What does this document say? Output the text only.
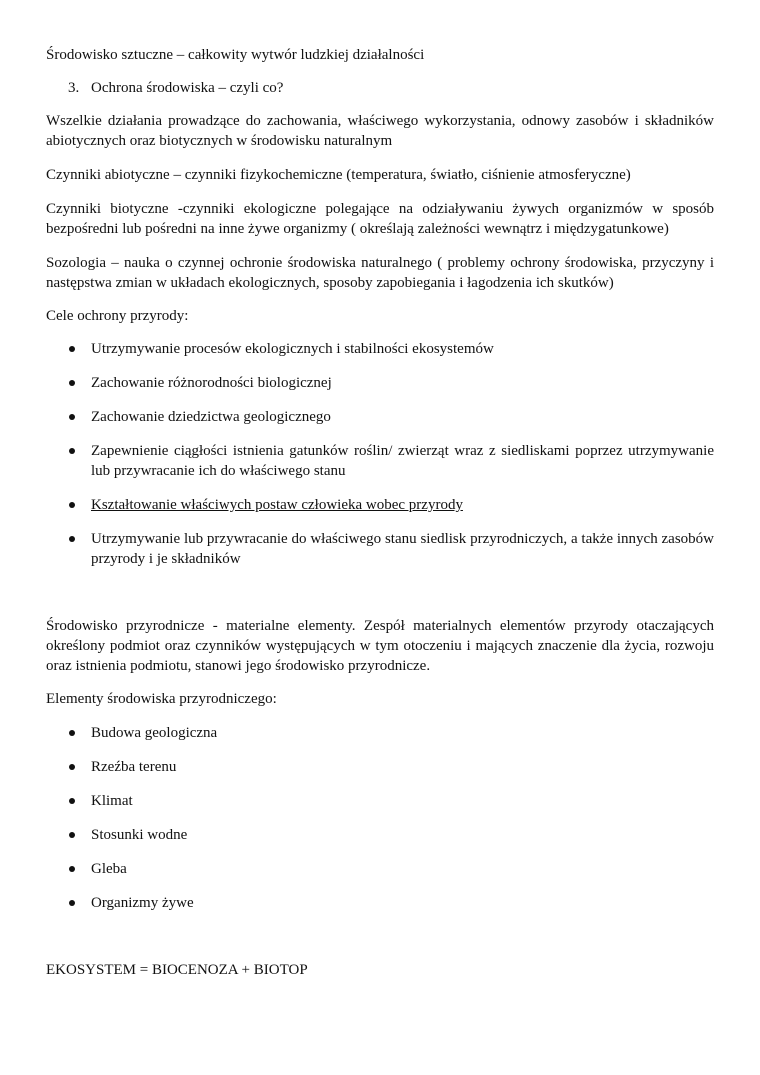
Środowisko sztuczne – całkowity wytwór ludzkiej działalności
3. Ochrona środowiska – czyli co?
Wszelkie działania prowadzące do zachowania, właściwego wykorzystania, odnowy zasobów i składników abiotycznych oraz biotycznych w środowisku naturalnym
Czynniki abiotyczne – czynniki fizykochemiczne (temperatura, światło, ciśnienie atmosferyczne)
Czynniki biotyczne -czynniki ekologiczne polegające na odziaływaniu żywych organizmów w sposób bezpośredni lub pośredni na inne żywe organizmy ( określają zależności wewnątrz i międzygatunkowe)
Sozologia – nauka o czynnej ochronie środowiska naturalnego ( problemy ochrony środowiska, przyczyny i następstwa zmian w układach ekologicznych, sposoby zapobiegania i łagodzenia ich skutków)
Cele ochrony przyrody:
Utrzymywanie procesów ekologicznych i stabilności ekosystemów
Zachowanie różnorodności biologicznej
Zachowanie dziedzictwa geologicznego
Zapewnienie ciągłości istnienia gatunków roślin/ zwierząt wraz z siedliskami poprzez utrzymywanie lub przywracanie ich do właściwego stanu
Kształtowanie właściwych postaw człowieka wobec przyrody
Utrzymywanie lub przywracanie do właściwego stanu siedlisk przyrodniczych, a także innych zasobów przyrody i je składników
Środowisko przyrodnicze - materialne elementy. Zespół materialnych elementów przyrody otaczających określony podmiot oraz czynników występujących w tym otoczeniu i mających znaczenie dla życia, rozwoju oraz istnienia podmiotu, stanowi jego środowisko przyrodnicze.
Elementy środowiska przyrodniczego:
Budowa geologiczna
Rzeźba terenu
Klimat
Stosunki wodne
Gleba
Organizmy żywe
EKOSYSTEM = BIOCENOZA + BIOTOP
